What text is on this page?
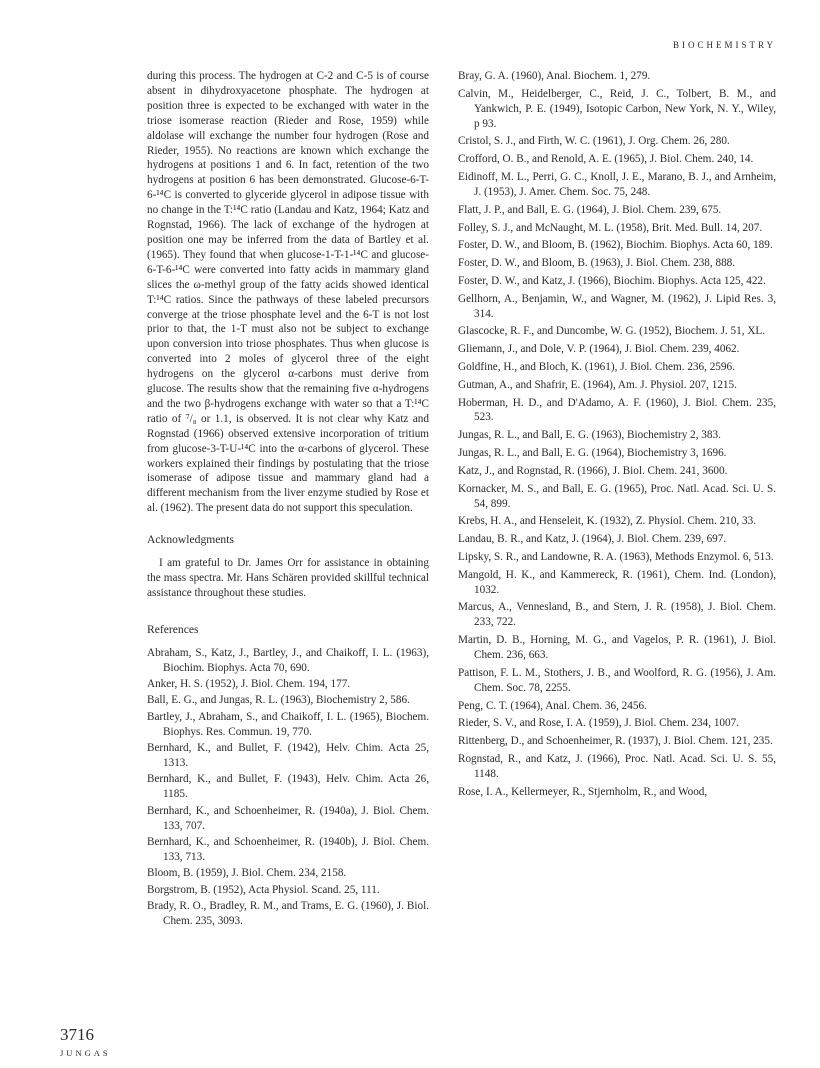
BIOCHEMISTRY

during this process. The hydrogen at C-2 and C-5 is of course absent in dihydroxyacetone phosphate. The hydrogen at position three is expected to be exchanged with water in the triose isomerase reaction (Rieder and Rose, 1959) while aldolase will exchange the number four hydrogen (Rose and Rieder, 1955). No reactions are known which exchange the hydrogens at positions 1 and 6. In fact, retention of the two hydrogens at position 6 has been demonstrated. Glucose-6-T-6-¹⁴C is converted to glyceride glycerol in adipose tissue with no change in the T:¹⁴C ratio (Landau and Katz, 1964; Katz and Rognstad, 1966). The lack of exchange of the hydrogen at position one may be inferred from the data of Bartley et al. (1965). They found that when glucose-1-T-1-¹⁴C and glucose-6-T-6-¹⁴C were converted into fatty acids in mammary gland slices the ω-methyl group of the fatty acids showed identical T:¹⁴C ratios. Since the pathways of these labeled precursors converge at the triose phosphate level and the 6-T is not lost prior to that, the 1-T must also not be subject to exchange upon conversion into triose phosphates. Thus when glucose is converted into 2 moles of glycerol three of the eight hydrogens on the glycerol α-carbons must derive from glucose. The results show that the remaining five α-hydrogens and the two β-hydrogens exchange with water so that a T:¹⁴C ratio of ⁷/₈ or 1.1, is observed. It is not clear why Katz and Rognstad (1966) observed extensive incorporation of tritium from glucose-3-T-U-¹⁴C into the α-carbons of glycerol. These workers explained their findings by postulating that the triose isomerase of adipose tissue and mammary gland had a different mechanism from the liver enzyme studied by Rose et al. (1962). The present data do not support this speculation.

Acknowledgments

I am grateful to Dr. James Orr for assistance in obtaining the mass spectra. Mr. Hans Schären provided skillful technical assistance throughout these studies.

References

Abraham, S., Katz, J., Bartley, J., and Chaikoff, I. L. (1963), Biochim. Biophys. Acta 70, 690.

Anker, H. S. (1952), J. Biol. Chem. 194, 177.

Ball, E. G., and Jungas, R. L. (1963), Biochemistry 2, 586.

Bartley, J., Abraham, S., and Chaikoff, I. L. (1965), Biochem. Biophys. Res. Commun. 19, 770.

Bernhard, K., and Bullet, F. (1942), Helv. Chim. Acta 25, 1313.

Bernhard, K., and Bullet, F. (1943), Helv. Chim. Acta 26, 1185.

Bernhard, K., and Schoenheimer, R. (1940a), J. Biol. Chem. 133, 707.

Bernhard, K., and Schoenheimer, R. (1940b), J. Biol. Chem. 133, 713.

Bloom, B. (1959), J. Biol. Chem. 234, 2158.

Borgstrom, B. (1952), Acta Physiol. Scand. 25, 111.

Brady, R. O., Bradley, R. M., and Trams, E. G. (1960), J. Biol. Chem. 235, 3093.

Bray, G. A. (1960), Anal. Biochem. 1, 279.

Calvin, M., Heidelberger, C., Reid, J. C., Tolbert, B. M., and Yankwich, P. E. (1949), Isotopic Carbon, New York, N. Y., Wiley, p 93.

Cristol, S. J., and Firth, W. C. (1961), J. Org. Chem. 26, 280.

Crofford, O. B., and Renold, A. E. (1965), J. Biol. Chem. 240, 14.

Eidinoff, M. L., Perri, G. C., Knoll, J. E., Marano, B. J., and Arnheim, J. (1953), J. Amer. Chem. Soc. 75, 248.

Flatt, J. P., and Ball, E. G. (1964), J. Biol. Chem. 239, 675.

Folley, S. J., and McNaught, M. L. (1958), Brit. Med. Bull. 14, 207.

Foster, D. W., and Bloom, B. (1962), Biochim. Biophys. Acta 60, 189.

Foster, D. W., and Bloom, B. (1963), J. Biol. Chem. 238, 888.

Foster, D. W., and Katz, J. (1966), Biochim. Biophys. Acta 125, 422.

Gellhorn, A., Benjamin, W., and Wagner, M. (1962), J. Lipid Res. 3, 314.

Glascocke, R. F., and Duncombe, W. G. (1952), Biochem. J. 51, XL.

Gliemann, J., and Dole, V. P. (1964), J. Biol. Chem. 239, 4062.

Goldfine, H., and Bloch, K. (1961), J. Biol. Chem. 236, 2596.

Gutman, A., and Shafrir, E. (1964), Am. J. Physiol. 207, 1215.

Hoberman, H. D., and D'Adamo, A. F. (1960), J. Biol. Chem. 235, 523.

Jungas, R. L., and Ball, E. G. (1963), Biochemistry 2, 383.

Jungas, R. L., and Ball, E. G. (1964), Biochemistry 3, 1696.

Katz, J., and Rognstad, R. (1966), J. Biol. Chem. 241, 3600.

Kornacker, M. S., and Ball, E. G. (1965), Proc. Natl. Acad. Sci. U. S. 54, 899.

Krebs, H. A., and Henseleit, K. (1932), Z. Physiol. Chem. 210, 33.

Landau, B. R., and Katz, J. (1964), J. Biol. Chem. 239, 697.

Lipsky, S. R., and Landowne, R. A. (1963), Methods Enzymol. 6, 513.

Mangold, H. K., and Kammereck, R. (1961), Chem. Ind. (London), 1032.

Marcus, A., Vennesland, B., and Stern, J. R. (1958), J. Biol. Chem. 233, 722.

Martin, D. B., Horning, M. G., and Vagelos, P. R. (1961), J. Biol. Chem. 236, 663.

Pattison, F. L. M., Stothers, J. B., and Woolford, R. G. (1956), J. Am. Chem. Soc. 78, 2255.

Peng, C. T. (1964), Anal. Chem. 36, 2456.

Rieder, S. V., and Rose, I. A. (1959), J. Biol. Chem. 234, 1007.

Rittenberg, D., and Schoenheimer, R. (1937), J. Biol. Chem. 121, 235.

Rognstad, R., and Katz, J. (1966), Proc. Natl. Acad. Sci. U. S. 55, 1148.

Rose, I. A., Kellermeyer, R., Stjernholm, R., and Wood,

3716
JUNGAS
